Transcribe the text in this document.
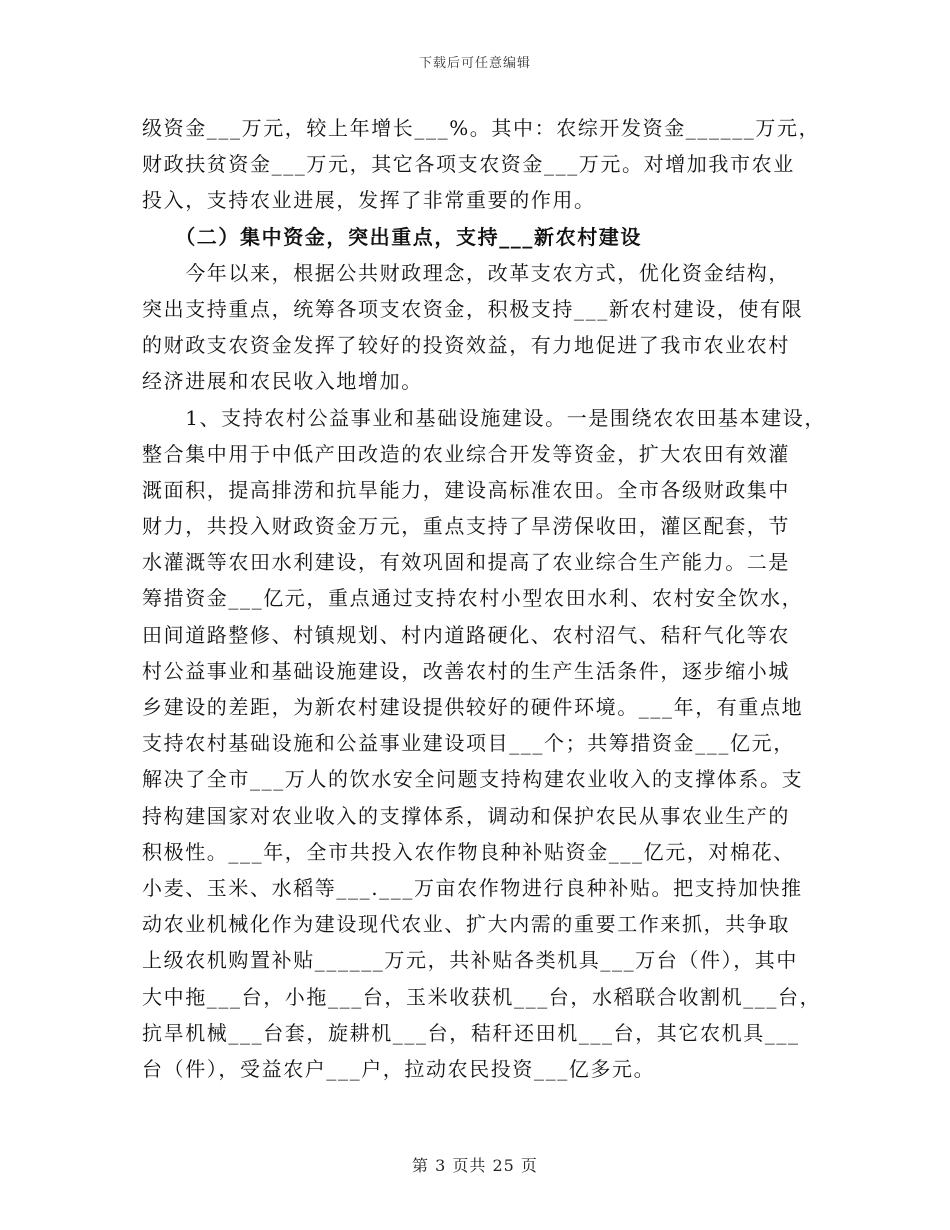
下载后可任意编辑
级资金___万元，较上年增长___%。其中：农综开发资金______万元，
财政扶贫资金___万元，其它各项支农资金___万元。对增加我市农业
投入，支持农业进展，发挥了非常重要的作用。
　　（二）集中资金，突出重点，支持___新农村建设
　　今年以来，根据公共财政理念，改革支农方式，优化资金结构，
突出支持重点，统筹各项支农资金，积极支持___新农村建设，使有限
的财政支农资金发挥了较好的投资效益，有力地促进了我市农业农村
经济进展和农民收入地增加。
　　1、支持农村公益事业和基础设施建设。一是围绕农农田基本建设，
整合集中用于中低产田改造的农业综合开发等资金，扩大农田有效灌
溉面积，提高排涝和抗旱能力，建设高标准农田。全市各级财政集中
财力，共投入财政资金万元，重点支持了旱涝保收田，灌区配套，节
水灌溉等农田水利建设，有效巩固和提高了农业综合生产能力。二是
筹措资金___亿元，重点通过支持农村小型农田水利、农村安全饮水，
田间道路整修、村镇规划、村内道路硬化、农村沼气、秸秆气化等农
村公益事业和基础设施建设，改善农村的生产生活条件，逐步缩小城
乡建设的差距，为新农村建设提供较好的硬件环境。___年，有重点地
支持农村基础设施和公益事业建设项目___个；共筹措资金___亿元，
解决了全市___万人的饮水安全问题支持构建农业收入的支撑体系。支
持构建国家对农业收入的支撑体系，调动和保护农民从事农业生产的
积极性。___年，全市共投入农作物良种补贴资金___亿元，对棉花、
小麦、玉米、水稻等___.___万亩农作物进行良种补贴。把支持加快推
动农业机械化作为建设现代农业、扩大内需的重要工作来抓，共争取
上级农机购置补贴______万元，共补贴各类机具___万台（件），其中
大中拖___台，小拖___台，玉米收获机___台，水稻联合收割机___台，
抗旱机械___台套，旋耕机___台，秸秆还田机___台，其它农机具___
台（件），受益农户___户，拉动农民投资___亿多元。
第 3 页共 25 页
